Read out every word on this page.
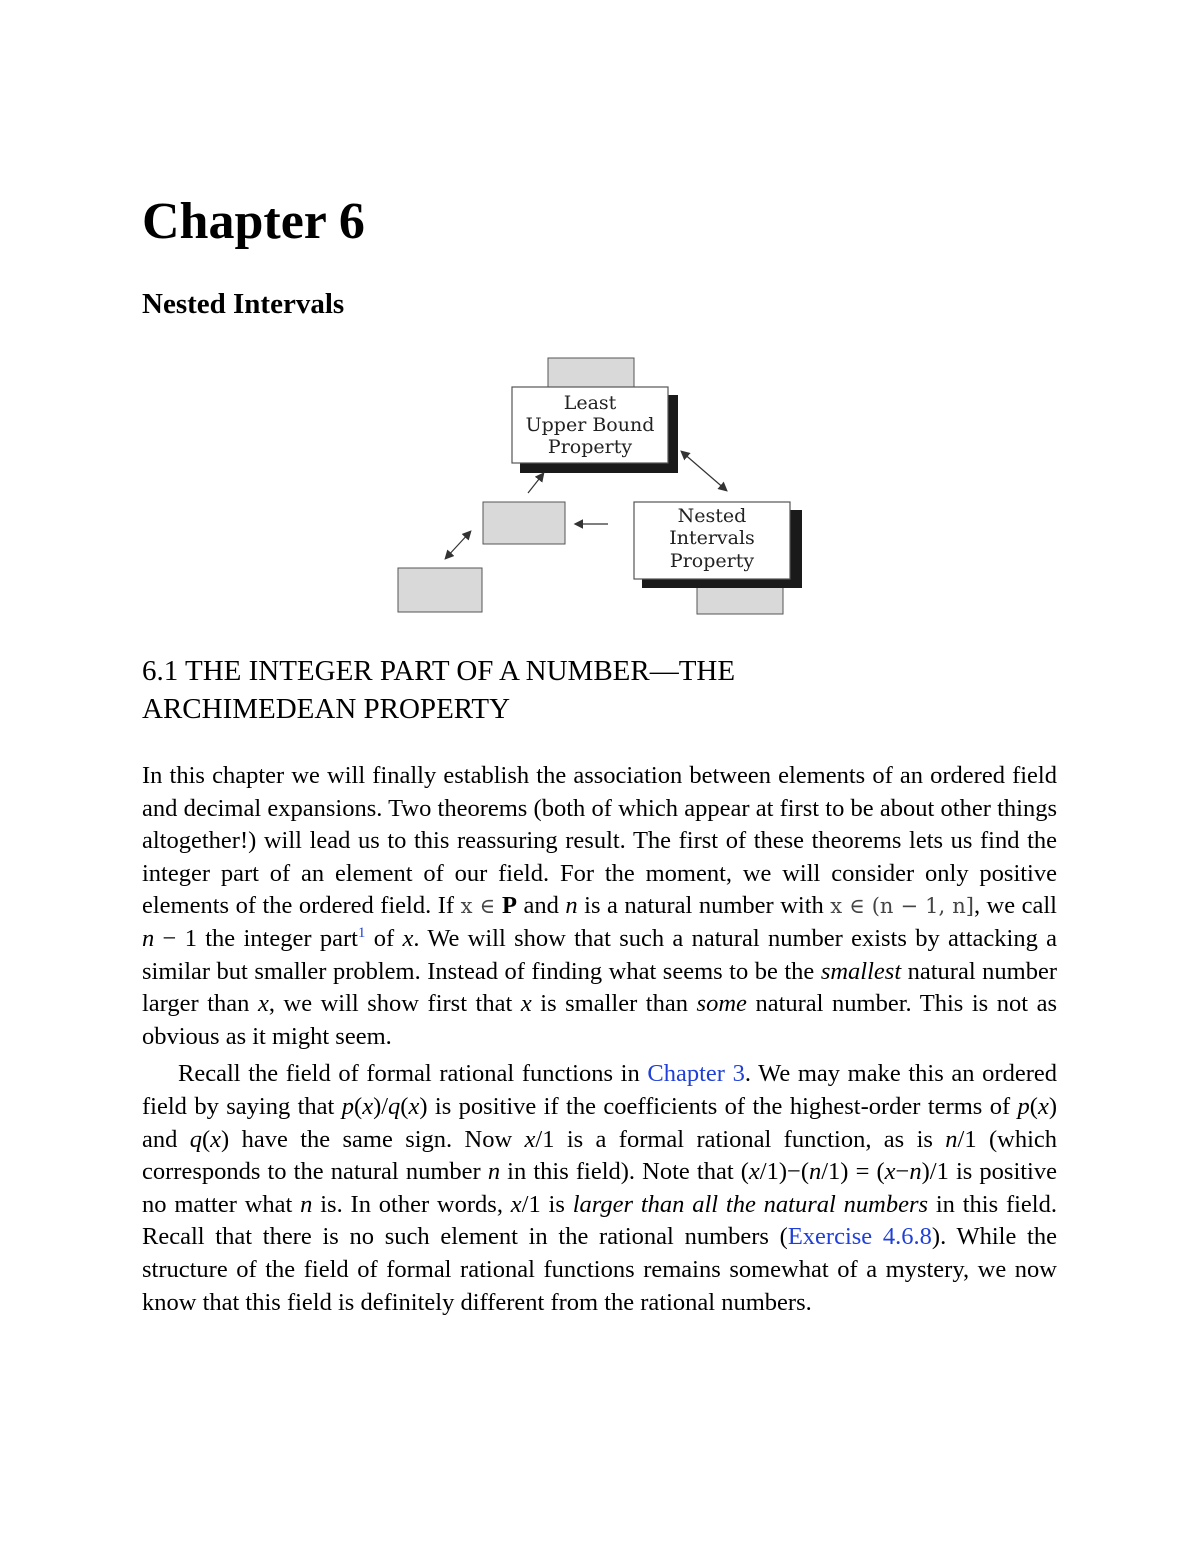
Chapter 6
Nested Intervals
Least
Upper Bound
Property
Nested
Intervals
Property
6.1 THE INTEGER PART OF A NUMBER—THE
ARCHIMEDEAN PROPERTY

In this chapter we will finally establish the association between elements of an ordered field and decimal expansions. Two theorems (both of which appear at first to be about other things altogether!) will lead us to this reassuring result. The first of these theorems lets us find the integer part of an element of our field. For the moment, we will consider only positive elements of the ordered field. If x ∈ P and n is a natural number with x ∈ (n − 1, n], we call n − 1 the integer part$^1$ of x. We will show that such a natural number exists by attacking a similar but smaller problem. Instead of finding what seems to be the smallest natural number larger than x, we will show first that x is smaller than some natural number. This is not as obvious as it might seem.

Recall the field of formal rational functions in Chapter 3. We may make this an ordered field by saying that p(x)/q(x) is positive if the coefficients of the highest-order terms of p(x) and q(x) have the same sign. Now x/1 is a formal rational function, as is n/1 (which corresponds to the natural number n in this field). Note that (x/1)−(n/1) = (x−n)/1 is positive no matter what n is. In other words, x/1 is larger than all the natural numbers in this field. Recall that there is no such element in the rational numbers (Exercise 4.6.8). While the structure of the field of formal rational functions remains somewhat of a mystery, we now know that this field is definitely different from the rational numbers.
